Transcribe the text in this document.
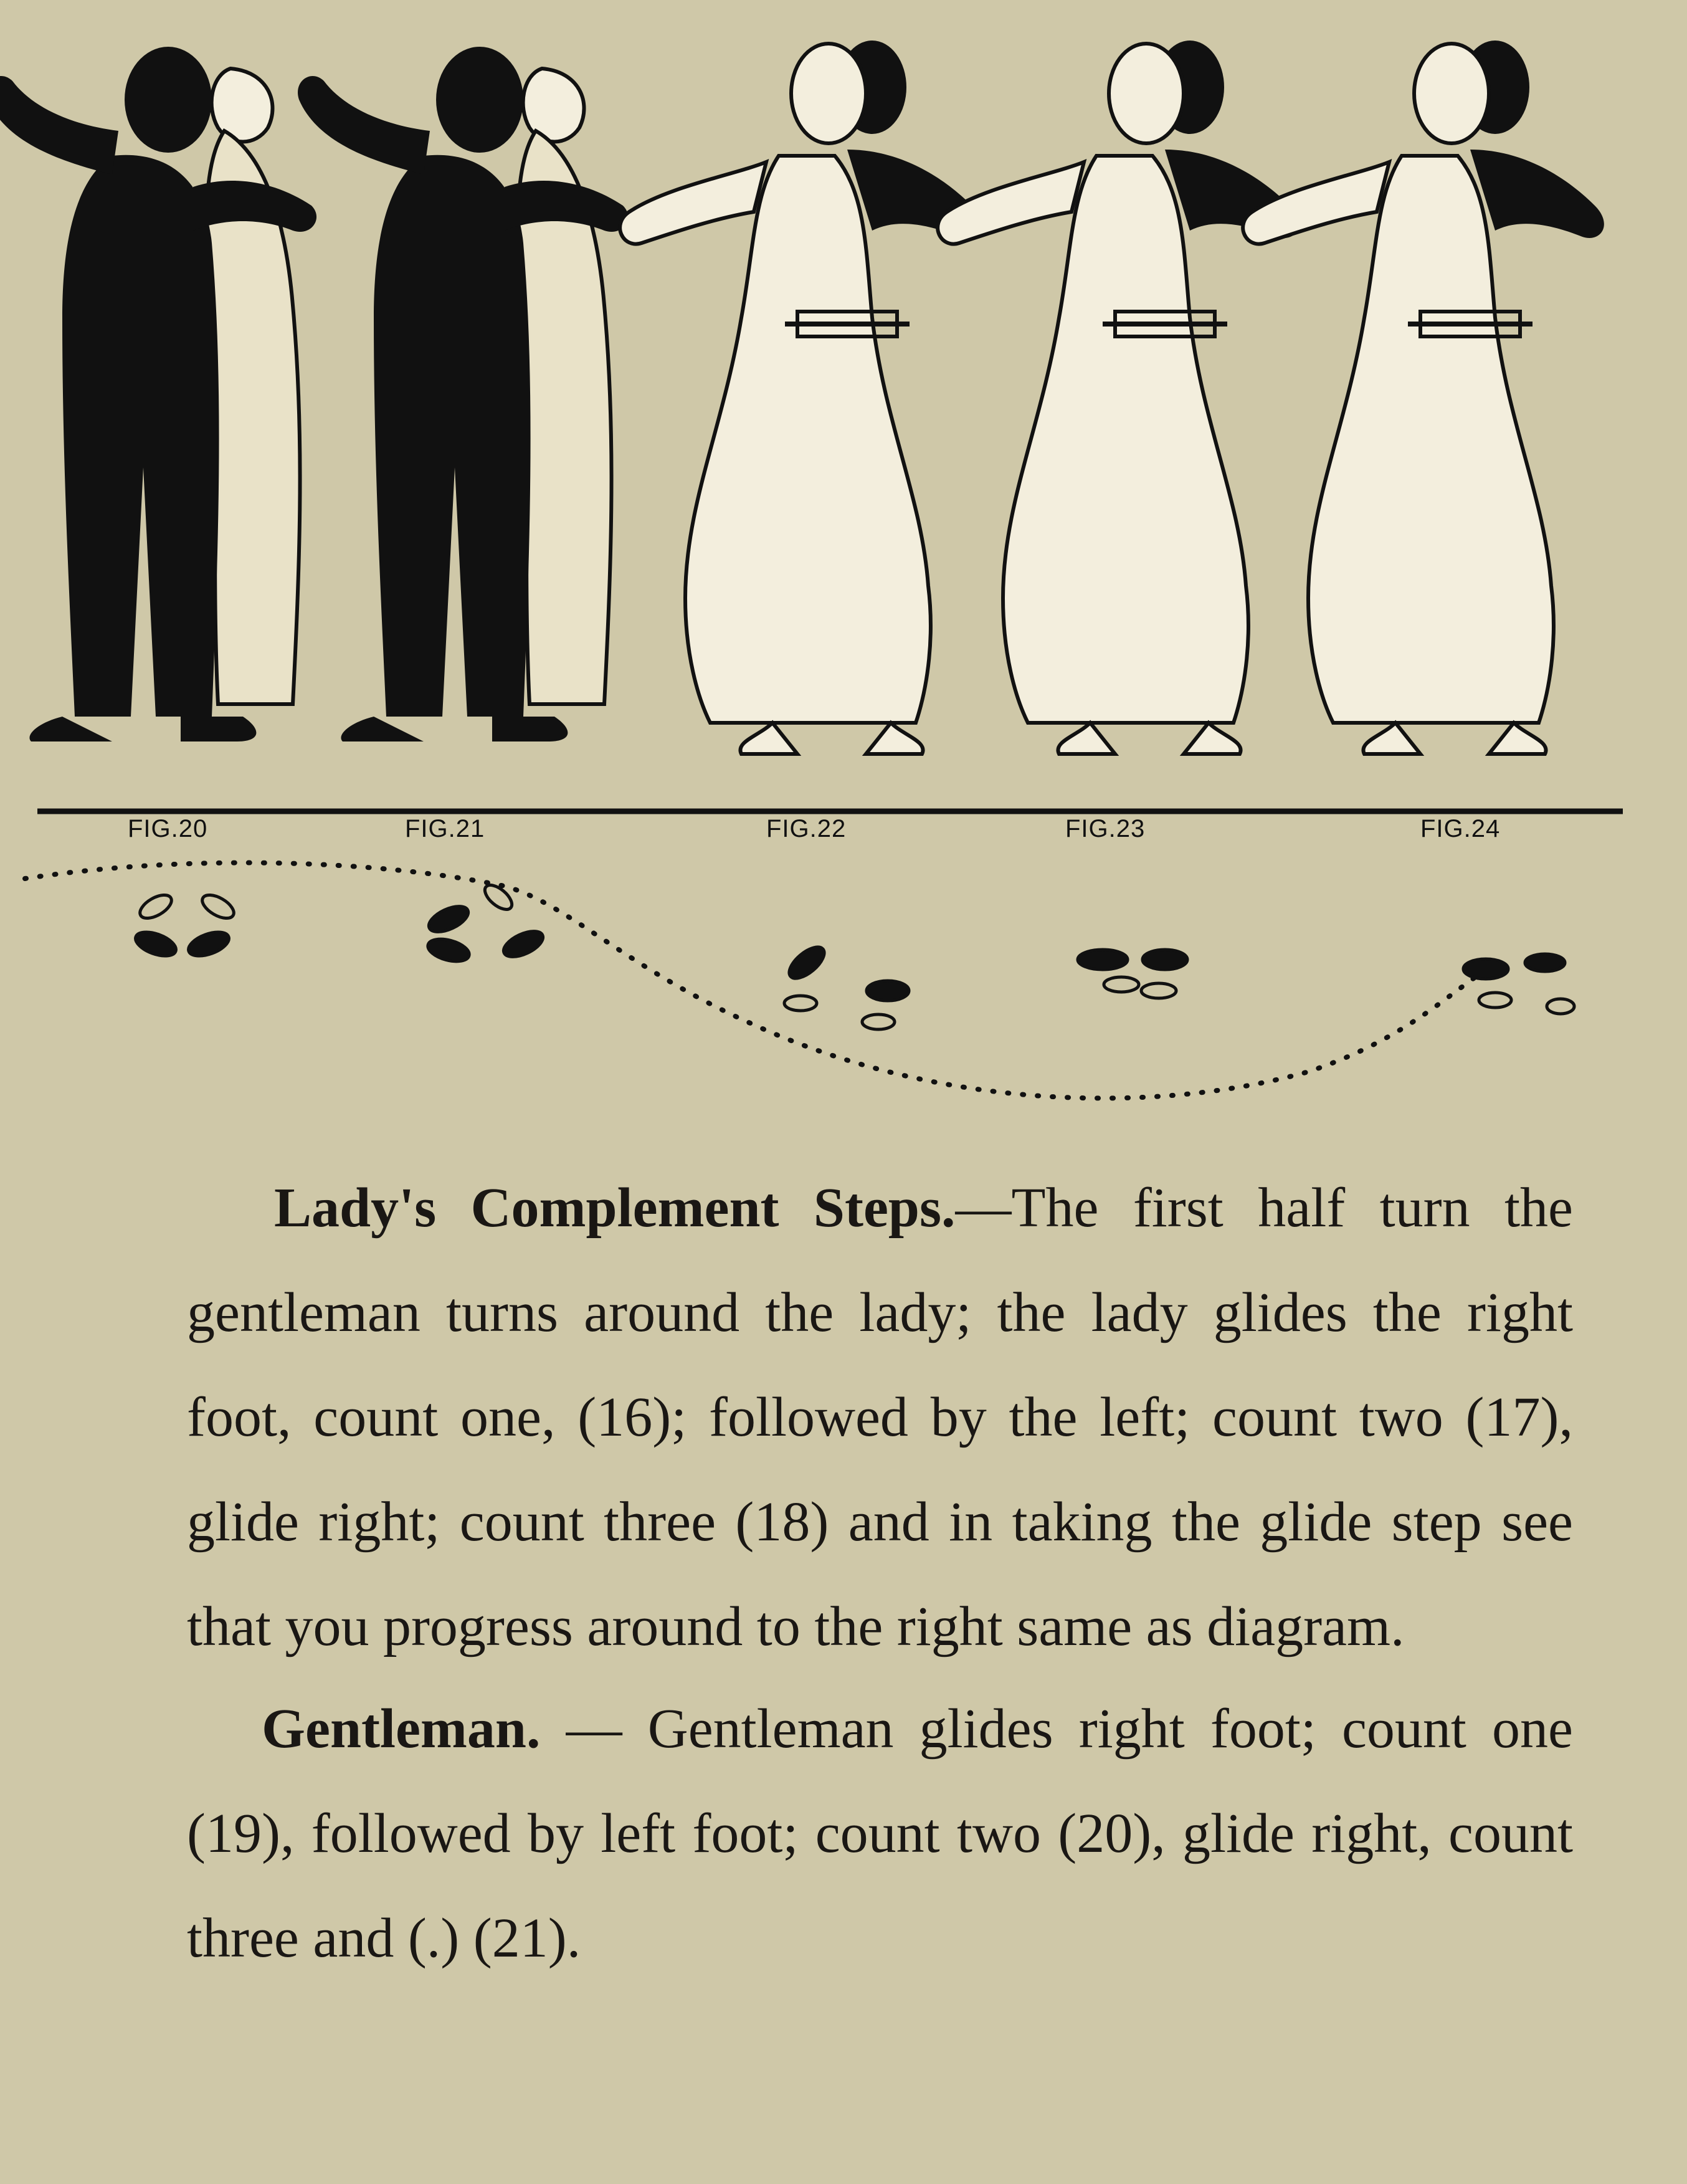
FIG.20	FIG.21	FIG.22	FIG.23	FIG.24

Lady's Complement Steps.—The first half turn the gentleman turns around the lady; the lady glides the right foot, count one, (16); followed by the left; count two (17), glide right; count three (18) and in taking the glide step see that you progress around to the right same as diagram.

Gentleman. — Gentleman glides right foot; count one (19), followed by left foot; count two (20), glide right, count three and (.) (21).
